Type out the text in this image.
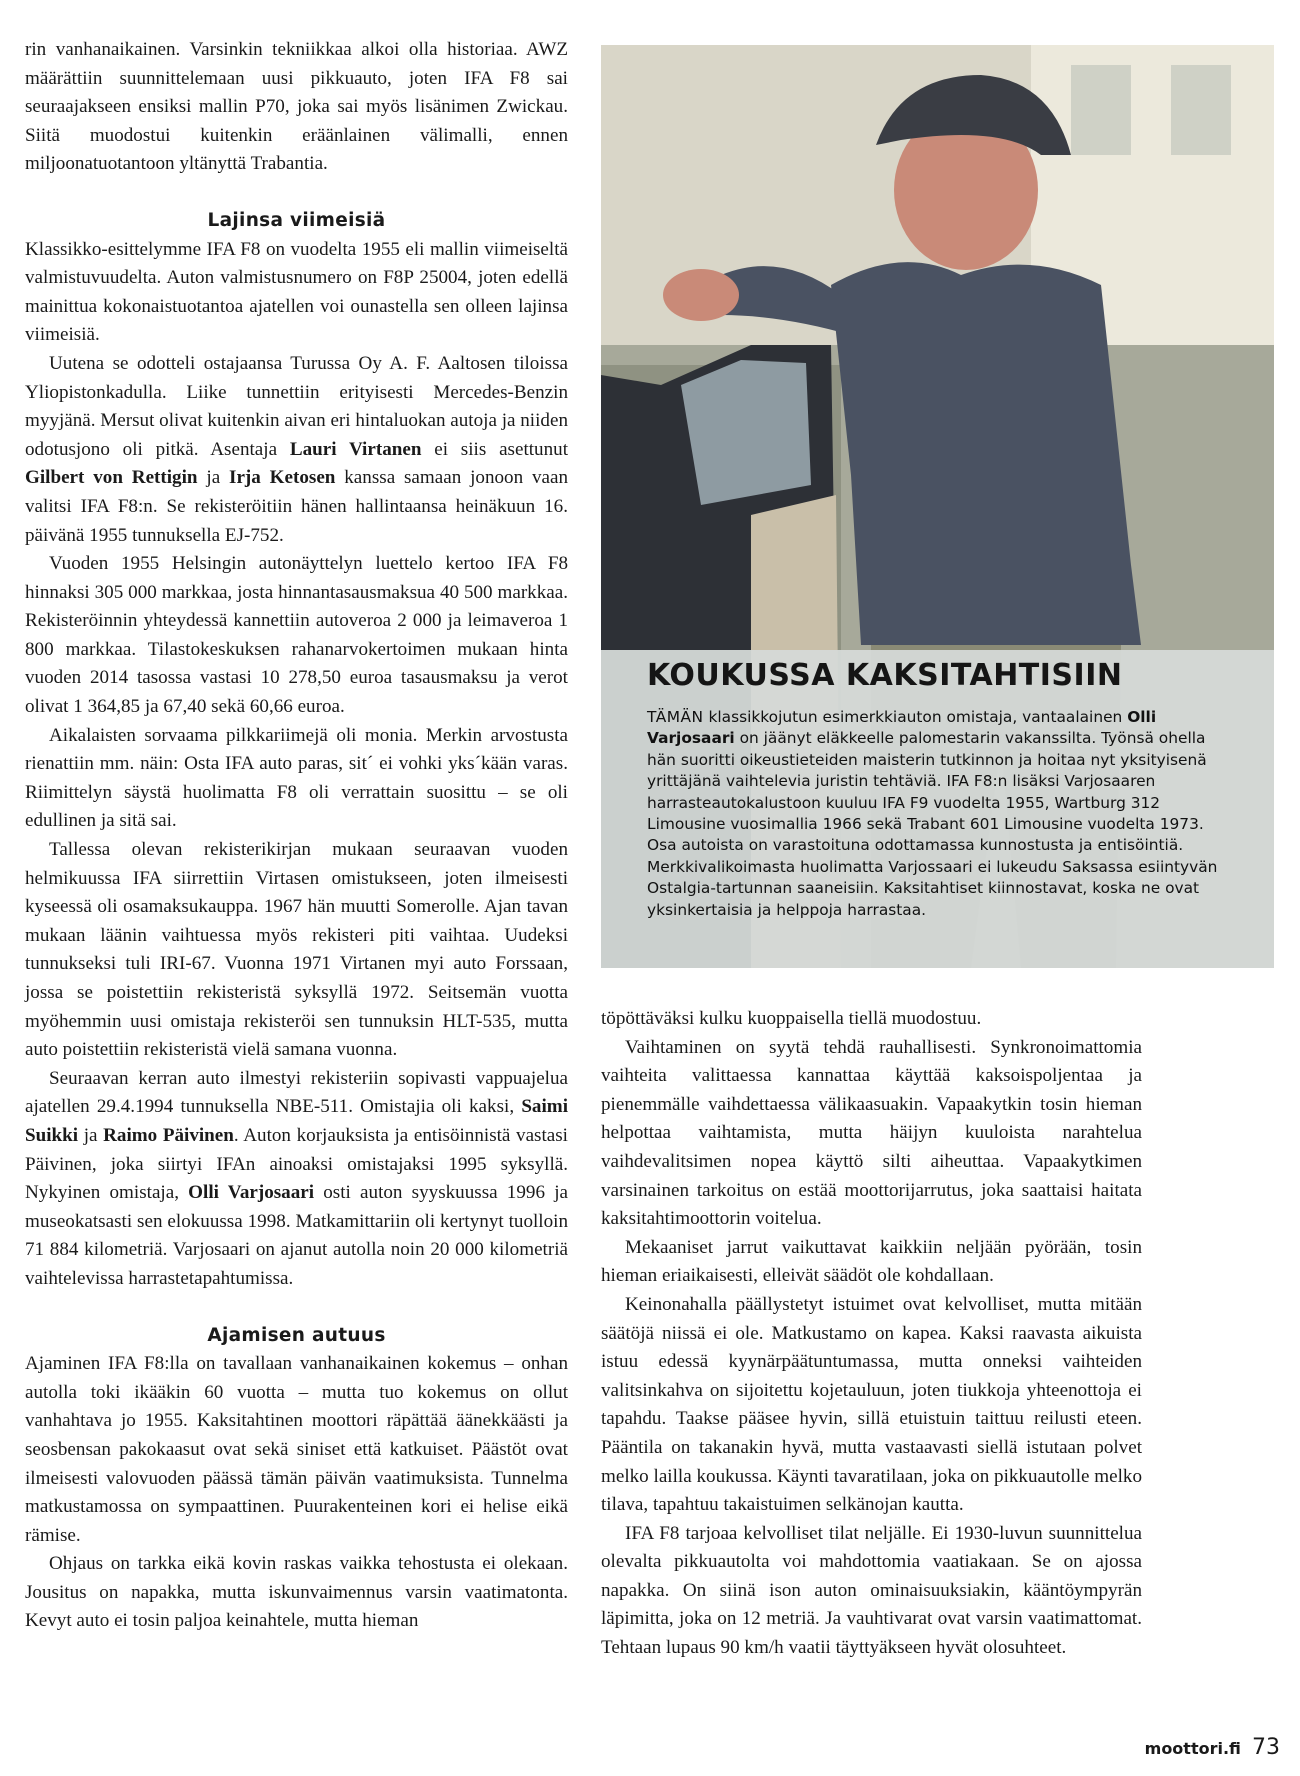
rin vanhanaikainen. Varsinkin tekniikkaa alkoi olla historiaa. AWZ määrättiin suunnittelemaan uusi pikkuauto, joten IFA F8 sai seuraajakseen ensiksi mallin P70, joka sai myös lisänimen Zwickau. Siitä muodostui kuitenkin eräänlainen välimalli, ennen miljoonatuotantoon yltänyttä Trabantia.

Lajinsa viimeisiä

Klassikko-esittelymme IFA F8 on vuodelta 1955 eli mallin viimeiseltä valmistuvuudelta. Auton valmistusnumero on F8P 25004, joten edellä mainittua kokonaistuotantoa ajatellen voi ounastella sen olleen lajinsa viimeisiä.

Uutena se odotteli ostajaansa Turussa Oy A. F. Aaltosen tiloissa Yliopistonkadulla. Liike tunnettiin erityisesti Mercedes-Benzin myyjänä. Mersut olivat kuitenkin aivan eri hintaluokan autoja ja niiden odotusjono oli pitkä. Asentaja Lauri Virtanen ei siis asettunut Gilbert von Rettigin ja Irja Ketosen kanssa samaan jonoon vaan valitsi IFA F8:n. Se rekisteröitiin hänen hallintaansa heinäkuun 16. päivänä 1955 tunnuksella EJ-752.

Vuoden 1955 Helsingin autonäyttelyn luettelo kertoo IFA F8 hinnaksi 305 000 markkaa, josta hinnantasausmaksua 40 500 markkaa. Rekisteröinnin yhteydessä kannettiin autoveroa 2 000 ja leimaveroa 1 800 markkaa. Tilastokeskuksen rahanarvokertoimen mukaan hinta vuoden 2014 tasossa vastasi 10 278,50 euroa tasausmaksu ja verot olivat 1 364,85 ja 67,40 sekä 60,66 euroa.

Aikalaisten sorvaama pilkkariimejä oli monia. Merkin arvostusta rienattiin mm. näin: Osta IFA auto paras, sit´ ei vohki yks´kään varas. Riimittelyn säystä huolimatta F8 oli verrattain suosittu – se oli edullinen ja sitä sai.

Tallessa olevan rekisterikirjan mukaan seuraavan vuoden helmikuussa IFA siirrettiin Virtasen omistukseen, joten ilmeisesti kyseessä oli osamaksukauppa. 1967 hän muutti Somerolle. Ajan tavan mukaan läänin vaihtuessa myös rekisteri piti vaihtaa. Uudeksi tunnukseksi tuli IRI-67. Vuonna 1971 Virtanen myi auto Forssaan, jossa se poistettiin rekisteristä syksyllä 1972. Seitsemän vuotta myöhemmin uusi omistaja rekisteröi sen tunnuksin HLT-535, mutta auto poistettiin rekisteristä vielä samana vuonna.

Seuraavan kerran auto ilmestyi rekisteriin sopivasti vappuajelua ajatellen 29.4.1994 tunnuksella NBE-511. Omistajia oli kaksi, Saimi Suikki ja Raimo Päivinen. Auton korjauksista ja entisöinnistä vastasi Päivinen, joka siirtyi IFAn ainoaksi omistajaksi 1995 syksyllä. Nykyinen omistaja, Olli Varjosaari osti auton syyskuussa 1996 ja museokatsasti sen elokuussa 1998. Matkamittariin oli kertynyt tuolloin 71 884 kilometriä. Varjosaari on ajanut autolla noin 20 000 kilometriä vaihtelevissa harrastetapahtumissa.

Ajamisen autuus

Ajaminen IFA F8:lla on tavallaan vanhanaikainen kokemus – onhan autolla toki ikääkin 60 vuotta – mutta tuo kokemus on ollut vanhahtava jo 1955. Kaksitahtinen moottori räpättää äänekkäästi ja seosbensan pakokaasut ovat sekä siniset että katkuiset. Päästöt ovat ilmeisesti valovuoden päässä tämän päivän vaatimuksista. Tunnelma matkustamossa on sympaattinen. Puurakenteinen kori ei helise eikä rämise.

Ohjaus on tarkka eikä kovin raskas vaikka tehostusta ei olekaan. Jousitus on napakka, mutta iskunvaimennus varsin vaatimatonta. Kevyt auto ei tosin paljoa keinahtele, mutta hieman

KOUKUSSA KAKSITAHTISIIN

TÄMÄN klassikkojutun esimerkkiauton omistaja, vantaalainen Olli Varjosaari on jäänyt eläkkeelle palomestarin vakanssilta. Työnsä ohella hän suoritti oikeustieteiden maisterin tutkinnon ja hoitaa nyt yksityisenä yrittäjänä vaihtelevia juristin tehtäviä. IFA F8:n lisäksi Varjosaaren harrasteautokalustoon kuuluu IFA F9 vuodelta 1955, Wartburg 312 Limousine vuosimallia 1966 sekä Trabant 601 Limousine vuodelta 1973. Osa autoista on varastoituna odottamassa kunnostusta ja entisöintiä. Merkkivalikoimasta huolimatta Varjossaari ei lukeudu Saksassa esiintyvän Ostalgia-tartunnan saaneisiin. Kaksitahtiset kiinnostavat, koska ne ovat yksinkertaisia ja helppoja harrastaa.

töpöttäväksi kulku kuoppaisella tiellä muodostuu.

Vaihtaminen on syytä tehdä rauhallisesti. Synkronoimattomia vaihteita valittaessa kannattaa käyttää kaksoispoljentaa ja pienemmälle vaihdettaessa välikaasuakin. Vapaakytkin tosin hieman helpottaa vaihtamista, mutta häijyn kuuloista narahtelua vaihdevalitsimen nopea käyttö silti aiheuttaa. Vapaakytkimen varsinainen tarkoitus on estää moottorijarrutus, joka saattaisi haitata kaksitahtimoottorin voitelua.

Mekaaniset jarrut vaikuttavat kaikkiin neljään pyörään, tosin hieman eriaikaisesti, elleivät säädöt ole kohdallaan.

Keinonahalla päällystetyt istuimet ovat kelvolliset, mutta mitään säätöjä niissä ei ole. Matkustamo on kapea. Kaksi raavasta aikuista istuu edessä kyynärpäätuntumassa, mutta onneksi vaihteiden valitsinkahva on sijoitettu kojetauluun, joten tiukkoja yhteenottoja ei tapahdu. Taakse pääsee hyvin, sillä etuistuin taittuu reilusti eteen. Pääntila on takanakin hyvä, mutta vastaavasti siellä istutaan polvet melko lailla koukussa. Käynti tavaratilaan, joka on pikkuautolle melko tilava, tapahtuu takaistuimen selkänojan kautta.

IFA F8 tarjoaa kelvolliset tilat neljälle. Ei 1930-luvun suunnittelua olevalta pikkuautolta voi mahdottomia vaatiakaan. Se on ajossa napakka. On siinä ison auton ominaisuuksiakin, kääntöympyrän läpimitta, joka on 12 metriä. Ja vauhtivarat ovat varsin vaatimattomat. Tehtaan lupaus 90 km/h vaatii täyttyäkseen hyvät olosuhteet.

moottori.fi 73
